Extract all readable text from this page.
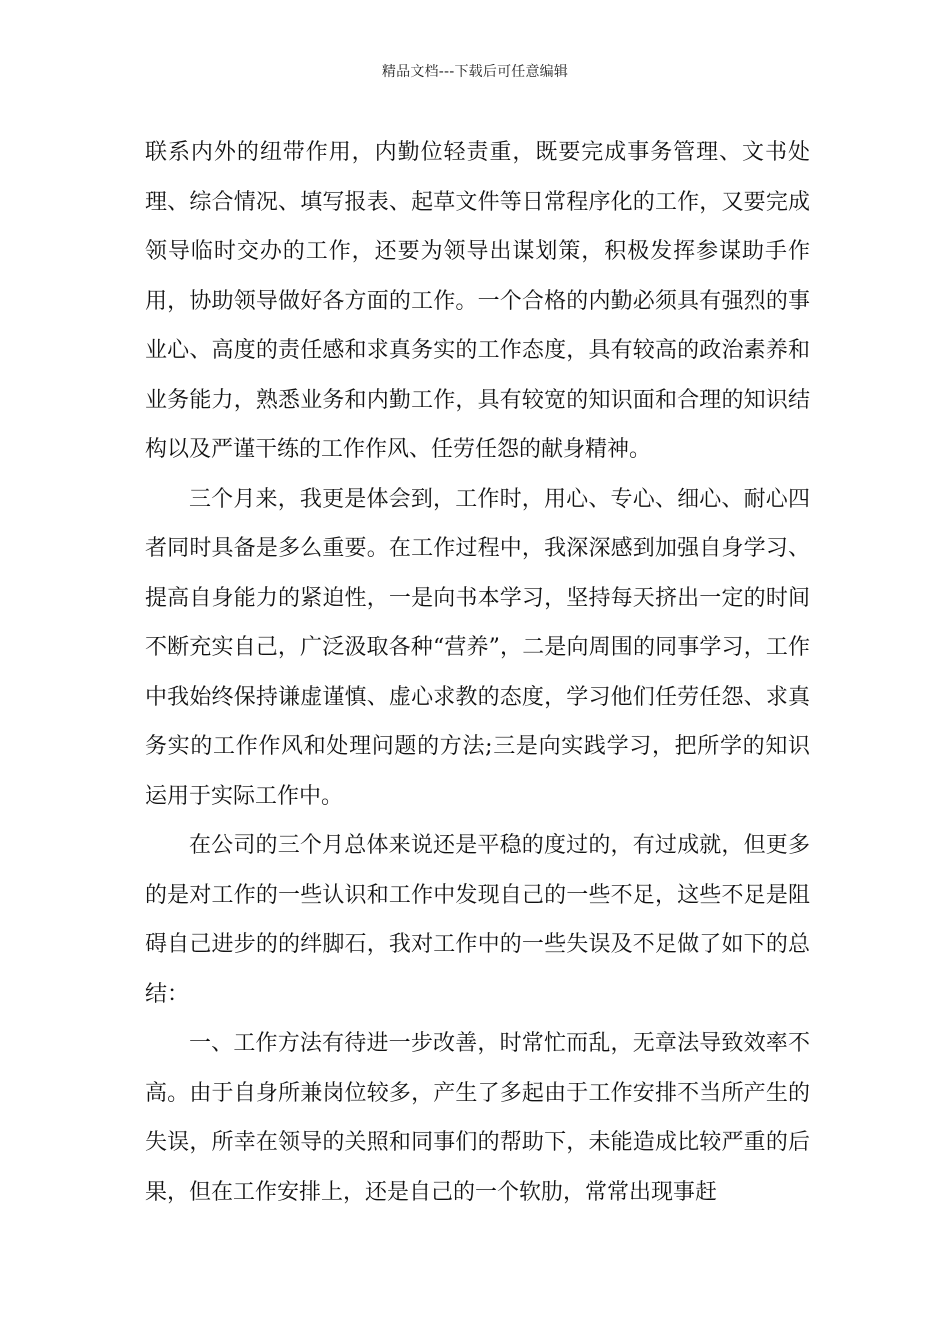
精品文档---下载后可任意编辑

联系内外的纽带作用，内勤位轻责重，既要完成事务管理、文书处理、综合情况、填写报表、起草文件等日常程序化的工作，又要完成领导临时交办的工作，还要为领导出谋划策，积极发挥参谋助手作用，协助领导做好各方面的工作。一个合格的内勤必须具有强烈的事业心、高度的责任感和求真务实的工作态度，具有较高的政治素养和业务能力，熟悉业务和内勤工作，具有较宽的知识面和合理的知识结构以及严谨干练的工作作风、任劳任怨的献身精神。

三个月来，我更是体会到，工作时，用心、专心、细心、耐心四者同时具备是多么重要。在工作过程中，我深深感到加强自身学习、提高自身能力的紧迫性，一是向书本学习，坚持每天挤出一定的时间不断充实自己，广泛汲取各种“营养”，二是向周围的同事学习，工作中我始终保持谦虚谨慎、虚心求教的态度，学习他们任劳任怨、求真务实的工作作风和处理问题的方法;三是向实践学习，把所学的知识运用于实际工作中。

在公司的三个月总体来说还是平稳的度过的，有过成就，但更多的是对工作的一些认识和工作中发现自己的一些不足，这些不足是阻碍自己进步的的绊脚石，我对工作中的一些失误及不足做了如下的总结：

一、工作方法有待进一步改善，时常忙而乱，无章法导致效率不高。由于自身所兼岗位较多，产生了多起由于工作安排不当所产生的失误，所幸在领导的关照和同事们的帮助下，未能造成比较严重的后果，但在工作安排上，还是自己的一个软肋，常常出现事赶
